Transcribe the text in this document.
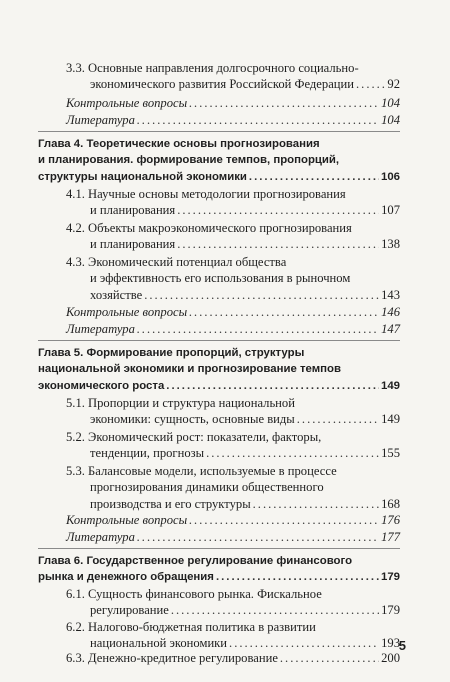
3.3. Основные направления долгосрочного социально-
экономического развития Российской Федерации .....	92
Контрольные вопросы .....	104
Литература .....	104
Глава 4. Теоретические основы прогнозирования
и планирования. формирование темпов, пропорций,
структуры национальной экономики .....	106
4.1. Научные основы методологии прогнозирования
и планирования .....	107
4.2. Объекты макроэкономического прогнозирования
и планирования .....	138
4.3. Экономический потенциал общества
и эффективность его использования в рыночном
хозяйстве .....	143
Контрольные вопросы .....	146
Литература .....	147
Глава 5. Формирование пропорций, структуры
национальной экономики и прогнозирование темпов
экономического роста .....	149
5.1. Пропорции и структура национальной
экономики: сущность, основные виды .....	149
5.2. Экономический рост: показатели, факторы,
тенденции, прогнозы .....	155
5.3. Балансовые модели, используемые в процессе
прогнозирования динамики общественного
производства и его структуры .....	168
Контрольные вопросы .....	176
Литература .....	177
Глава 6. Государственное регулирование финансового
рынка и денежного обращения .....	179
6.1. Сущность финансового рынка. Фискальное
регулирование .....	179
6.2. Налогово-бюджетная политика в развитии
национальной экономики .....	193
6.3. Денежно-кредитное регулирование .....	200
5
